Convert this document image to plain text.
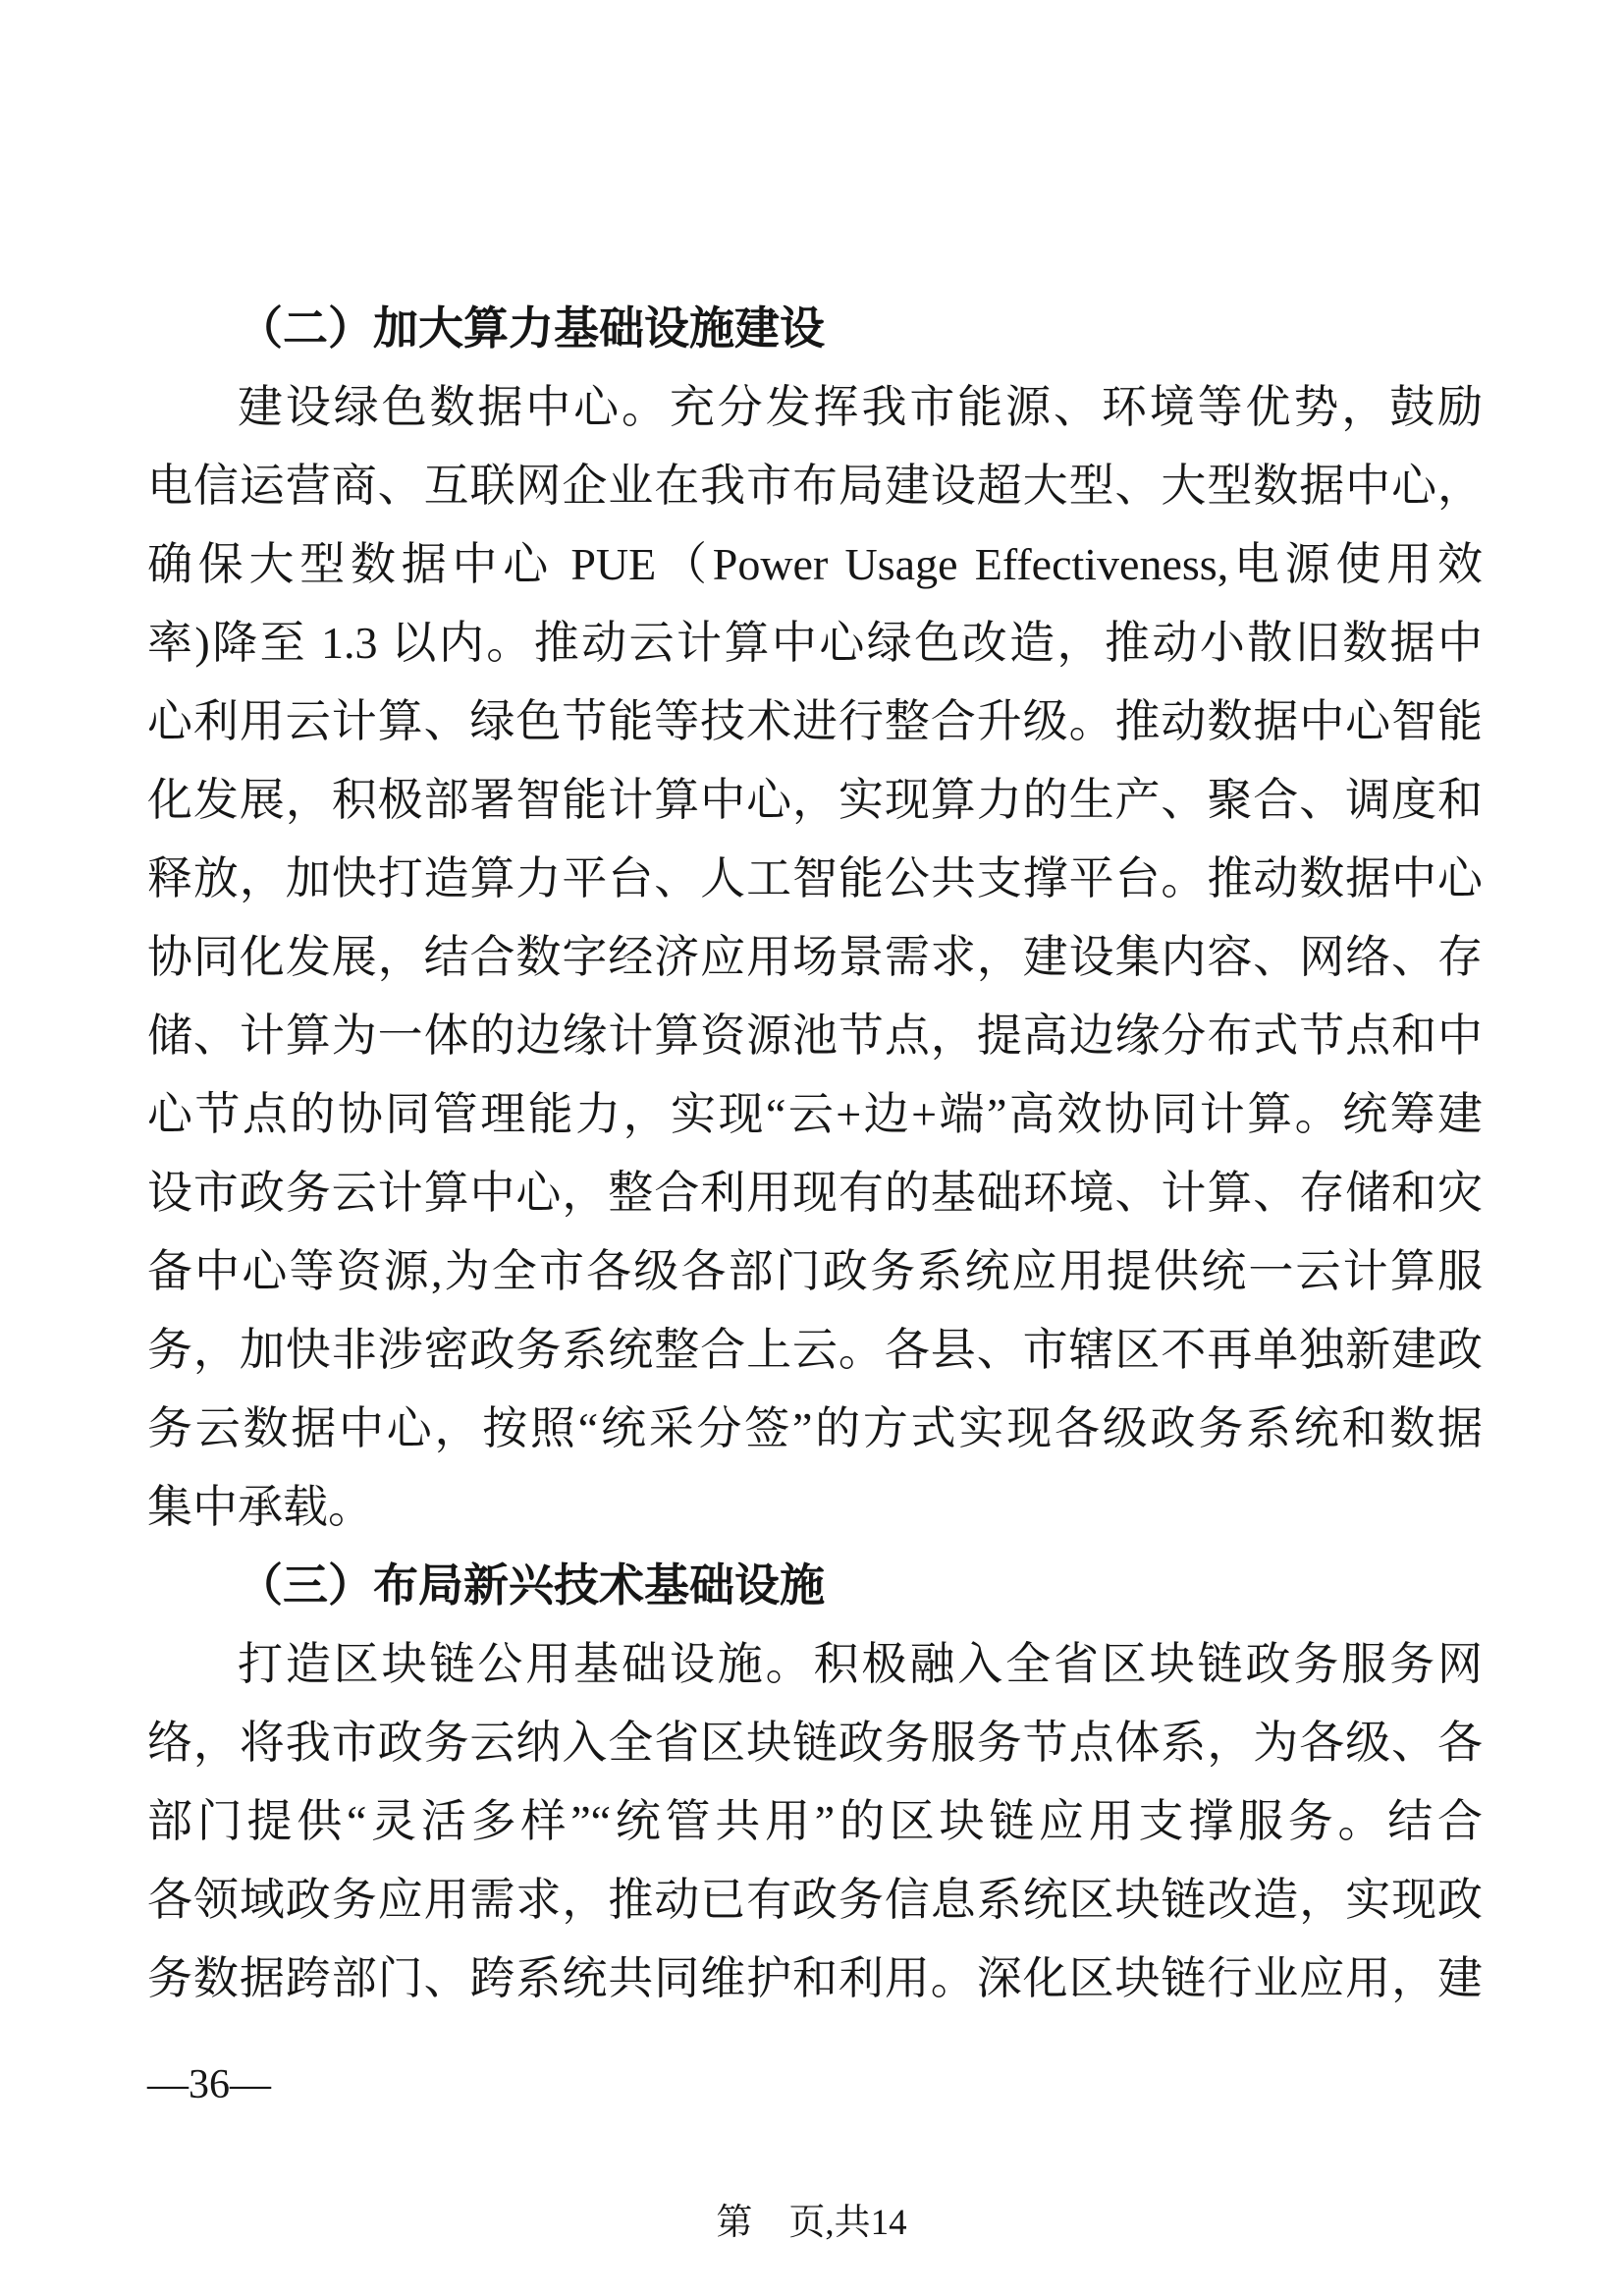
（二）加大算力基础设施建设
建设绿色数据中心。充分发挥我市能源、环境等优势，鼓励
电信运营商、互联网企业在我市布局建设超大型、大型数据中心，
确保大型数据中心 PUE（Power Usage Effectiveness,电源使用效
率)降至 1.3 以内。推动云计算中心绿色改造，推动小散旧数据中
心利用云计算、绿色节能等技术进行整合升级。推动数据中心智能
化发展，积极部署智能计算中心，实现算力的生产、聚合、调度和
释放，加快打造算力平台、人工智能公共支撑平台。推动数据中心
协同化发展，结合数字经济应用场景需求，建设集内容、网络、存
储、计算为一体的边缘计算资源池节点，提高边缘分布式节点和中
心节点的协同管理能力，实现“云+边+端”高效协同计算。统筹建
设市政务云计算中心，整合利用现有的基础环境、计算、存储和灾
备中心等资源,为全市各级各部门政务系统应用提供统一云计算服
务，加快非涉密政务系统整合上云。各县、市辖区不再单独新建政
务云数据中心，按照“统采分签”的方式实现各级政务系统和数据
集中承载。
（三）布局新兴技术基础设施
打造区块链公用基础设施。积极融入全省区块链政务服务网
络，将我市政务云纳入全省区块链政务服务节点体系，为各级、各
部门提供“灵活多样”“统管共用”的区块链应用支撑服务。结合
各领域政务应用需求，推动已有政务信息系统区块链改造，实现政
务数据跨部门、跨系统共同维护和利用。深化区块链行业应用，建
—36—
第　页,共14
